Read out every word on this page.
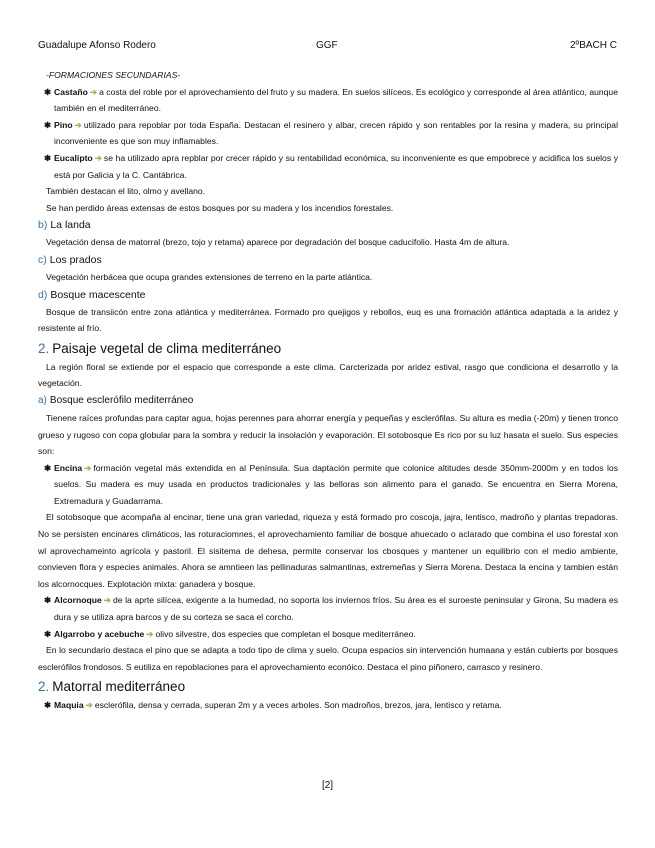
Guadalupe Afonso Rodero	GGF	2ºBACH C
-FORMACIONES SECUNDARIAS-
✱ Castaño ➔ a costa del roble por el aprovechamiento del fruto y su madera. En suelos silíceos. Es ecológico y corresponde al área atlántico, aunque también en el mediterráneo.
✱ Pino ➔ utilizado para repoblar por toda España. Destacan el resinero y albar, crecen rápido y son rentables por la resina y madera, su principal inconveniente es que son muy inflamables.
✱ Eucalipto ➔ se ha utilizado apra repblar por crecer rápido y su rentabilidad económica, su inconveniente es que empobrece y acidifica los suelos y está por Galicia y la C. Cantábrica.
También destacan el lito, olmo y avellano.
Se han perdido áreas extensas de estos bosques por su madera y los incendios forestales.
b) La landa
Vegetación densa de matorral (brezo, tojo y retama) aparece por degradación del bosque caducifolio. Hasta 4m de altura.
c) Los prados
Vegetación herbácea que ocupa grandes extensiones de terreno en la parte atlántica.
d) Bosque macescente
Bosque de transiicón entre zona atlántica y mediterránea. Formado pro quejigos y rebollos, euq es una fromación atlántica adaptada a la aridez y resistente al frío.
2. Paisaje vegetal de clima mediterráneo
La región floral se extiende por el espacio que corresponde a este clima. Carcterizada por aridez estival, rasgo que condiciona el desarrollo y la vegetación.
a) Bosque esclerófilo mediterráneo
Tienene raíces profundas para captar agua, hojas perennes para ahorrar energía y pequeñas y esclerófilas. Su altura es media (-20m) y tienen tronco grueso y rugoso con copa globular para la sombra y reducir la insolación y evaporación. El sotobosque Es rico por su luz hasata el suelo. Sus especies son:
✱ Encina ➔ formación vegetal más extendida en al Península. Sua daptación permite que colonice altitudes desde 350mm-2000m y en todos los suelos. Su madera es muy usada en productos tradicionales y las belloras son alimento para el ganado. Se encuentra en Sierra Morena, Extremadura y Guadarrama.
El sotobsoque que acompaña al encinar, tiene una gran variedad, riqueza y está formado pro coscoja, jajra, lentisco, madroño y plantas trepadoras. No se persisten encinares climáticos, las roturaciomnes, el aprovechamiento familiar de bosque ahuecado o aclarado que combina el uso forestal xon wl aprovechameinto agrícola y pastoril. El sisitema de dehesa, permite conservar los cbosques y mantener un equilibrio con el medio ambiente, convieven flora y especies animales. Ahora se amntieen las pellinaduras salmantinas, extremeñas y Sierra Morena. Destaca la encina y tambien están los alcornocques. Explotación mixta: ganadera y bosque.
✱ Alcornoque ➔ de la aprte silícea, exigente a la humedad, no soporta los inviernos fríos. Su área es el suroeste peninsular y Girona, Su madera es dura y se utiliza apra barcos y de su corteza se saca el corcho.
✱ Algarrobo y acebuche ➔ olivo silvestre, dos especies que completan el bosque mediterráneo.
En lo secundario destaca el pino que se adapta a todo tipo de clima y suelo. Ocupa espacios sin intervención humaana y están cubierts por bosques esclerófilos frondosos. S eutiliza en repoblaciones para el aprovechamiento econóico. Destaca el pino piñonero, carrasco y resinero.
2. Matorral mediterráneo
✱ Maquia ➔ esclerófila, densa y cerrada, superan 2m y a veces arboles. Son madroños, brezos, jara, lentisco y retama.
[2]
